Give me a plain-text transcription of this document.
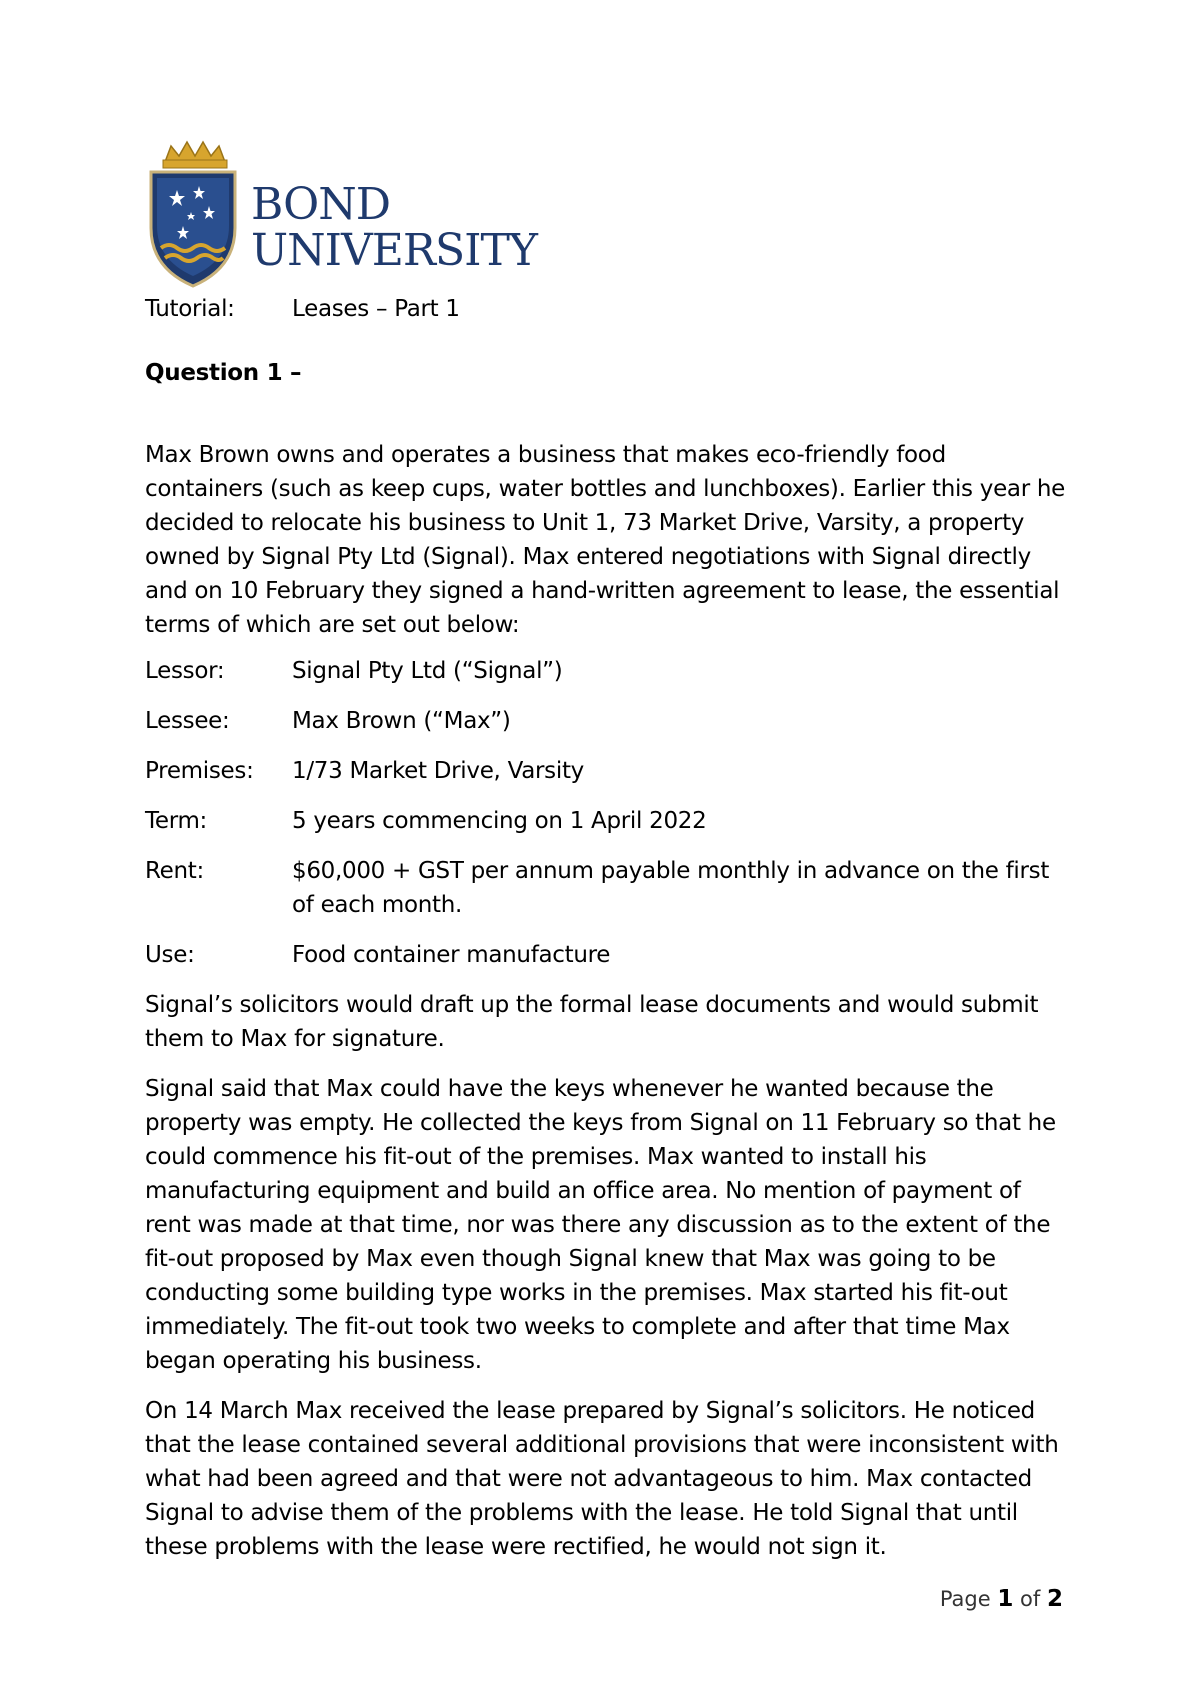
BOND
UNIVERSITY
Tutorial:	Leases – Part 1
Question 1 –

Max Brown owns and operates a business that makes eco-friendly food containers (such as keep cups, water bottles and lunchboxes). Earlier this year he decided to relocate his business to Unit 1, 73 Market Drive, Varsity, a property owned by Signal Pty Ltd (Signal). Max entered negotiations with Signal directly and on 10 February they signed a hand-written agreement to lease, the essential terms of which are set out below:

Lessor:	Signal Pty Ltd (“Signal”)
Lessee:	Max Brown (“Max”)
Premises:	1/73 Market Drive, Varsity
Term:	5 years commencing on 1 April 2022
Rent:	$60,000 + GST per annum payable monthly in advance on the first of each month.
Use:	Food container manufacture

Signal’s solicitors would draft up the formal lease documents and would submit them to Max for signature.

Signal said that Max could have the keys whenever he wanted because the property was empty. He collected the keys from Signal on 11 February so that he could commence his fit-out of the premises. Max wanted to install his manufacturing equipment and build an office area. No mention of payment of rent was made at that time, nor was there any discussion as to the extent of the fit-out proposed by Max even though Signal knew that Max was going to be conducting some building type works in the premises. Max started his fit-out immediately. The fit-out took two weeks to complete and after that time Max began operating his business.

On 14 March Max received the lease prepared by Signal’s solicitors. He noticed that the lease contained several additional provisions that were inconsistent with what had been agreed and that were not advantageous to him. Max contacted Signal to advise them of the problems with the lease. He told Signal that until these problems with the lease were rectified, he would not sign it.

Page 1 of 2
